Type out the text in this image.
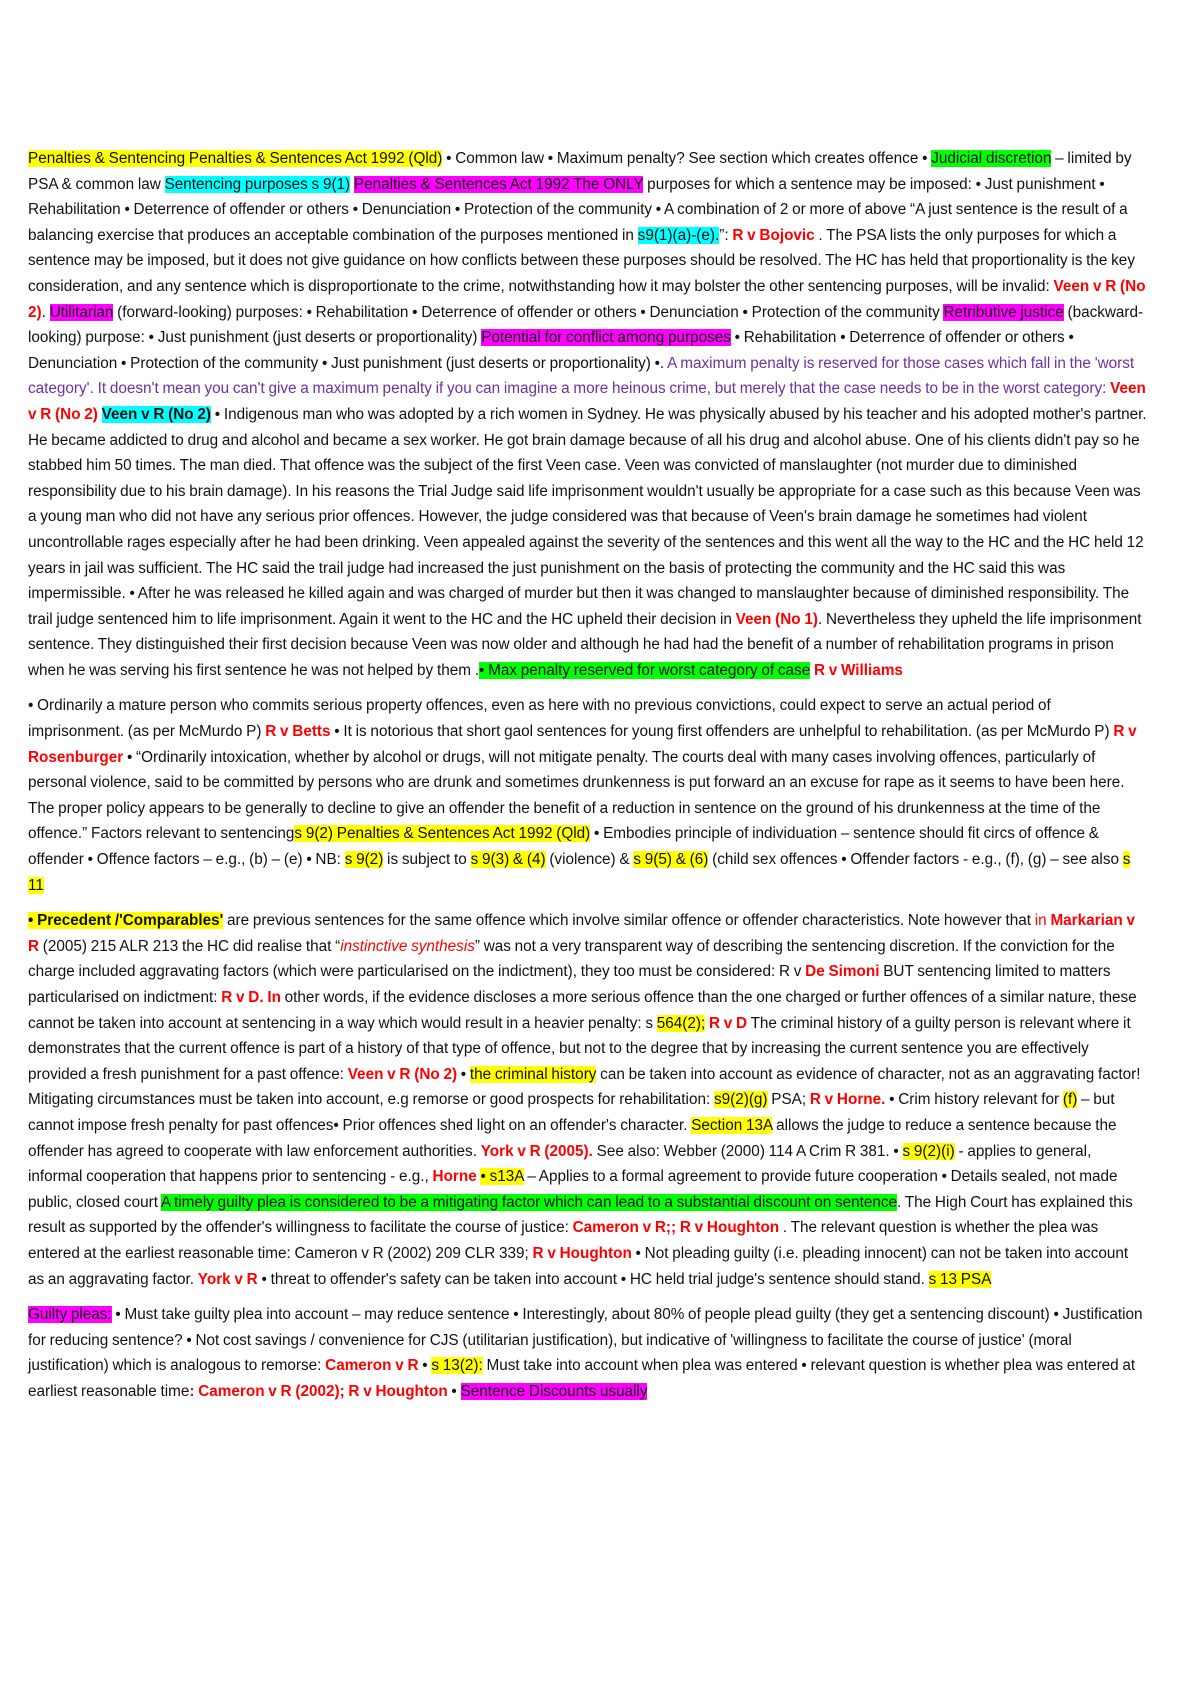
Penalties & Sentencing Penalties & Sentences Act 1992 (Qld) • Common law • Maximum penalty? See section which creates offence • Judicial discretion – limited by PSA & common law Sentencing purposes s 9(1) Penalties & Sentences Act 1992 The ONLY purposes for which a sentence may be imposed: • Just punishment • Rehabilitation • Deterrence of offender or others • Denunciation • Protection of the community • A combination of 2 or more of above “A just sentence is the result of a balancing exercise that produces an acceptable combination of the purposes mentioned in s9(1)(a)-(e).”: R v Bojovic . The PSA lists the only purposes for which a sentence may be imposed, but it does not give guidance on how conflicts between these purposes should be resolved. The HC has held that proportionality is the key consideration, and any sentence which is disproportionate to the crime, notwithstanding how it may bolster the other sentencing purposes, will be invalid: Veen v R (No 2). Utilitarian (forward-looking) purposes: • Rehabilitation • Deterrence of offender or others • Denunciation • Protection of the community Retributive justice (backward-looking) purpose: • Just punishment (just deserts or proportionality) Potential for conflict among purposes • Rehabilitation • Deterrence of offender or others • Denunciation • Protection of the community • Just punishment (just deserts or proportionality) •. A maximum penalty is reserved for those cases which fall in the 'worst category'. It doesn't mean you can't give a maximum penalty if you can imagine a more heinous crime, but merely that the case needs to be in the worst category: Veen v R (No 2) Veen v R (No 2) • Indigenous man who was adopted by a rich women in Sydney. He was physically abused by his teacher and his adopted mother's partner. He became addicted to drug and alcohol and became a sex worker. He got brain damage because of all his drug and alcohol abuse. One of his clients didn't pay so he stabbed him 50 times. The man died. That offence was the subject of the first Veen case. Veen was convicted of manslaughter (not murder due to diminished responsibility due to his brain damage). In his reasons the Trial Judge said life imprisonment wouldn't usually be appropriate for a case such as this because Veen was a young man who did not have any serious prior offences. However, the judge considered was that because of Veen's brain damage he sometimes had violent uncontrollable rages especially after he had been drinking. Veen appealed against the severity of the sentences and this went all the way to the HC and the HC held 12 years in jail was sufficient. The HC said the trail judge had increased the just punishment on the basis of protecting the community and the HC said this was impermissible. • After he was released he killed again and was charged of murder but then it was changed to manslaughter because of diminished responsibility. The trail judge sentenced him to life imprisonment. Again it went to the HC and the HC upheld their decision in Veen (No 1). Nevertheless they upheld the life imprisonment sentence. They distinguished their first decision because Veen was now older and although he had had the benefit of a number of rehabilitation programs in prison when he was serving his first sentence he was not helped by them .• Max penalty reserved for worst category of case R v Williams

• Ordinarily a mature person who commits serious property offences, even as here with no previous convictions, could expect to serve an actual period of imprisonment. (as per McMurdo P) R v Betts • It is notorious that short gaol sentences for young first offenders are unhelpful to rehabilitation. (as per McMurdo P) R v Rosenburger • “Ordinarily intoxication, whether by alcohol or drugs, will not mitigate penalty. The courts deal with many cases involving offences, particularly of personal violence, said to be committed by persons who are drunk and sometimes drunkenness is put forward an an excuse for rape as it seems to have been here. The proper policy appears to be generally to decline to give an offender the benefit of a reduction in sentence on the ground of his drunkenness at the time of the offence.” Factors relevant to sentencings 9(2) Penalties & Sentences Act 1992 (Qld) • Embodies principle of individuation – sentence should fit circs of offence & offender • Offence factors – e.g., (b) – (e) • NB: s 9(2) is subject to s 9(3) & (4) (violence) & s 9(5) & (6) (child sex offences • Offender factors - e.g., (f), (g) – see also s 11

• Precedent /'Comparables' are previous sentences for the same offence which involve similar offence or offender characteristics. Note however that in Markarian v R (2005) 215 ALR 213 the HC did realise that “instinctive synthesis” was not a very transparent way of describing the sentencing discretion. If the conviction for the charge included aggravating factors (which were particularised on the indictment), they too must be considered: R v De Simoni BUT sentencing limited to matters particularised on indictment: R v D. In other words, if the evidence discloses a more serious offence than the one charged or further offences of a similar nature, these cannot be taken into account at sentencing in a way which would result in a heavier penalty: s 564(2); R v D The criminal history of a guilty person is relevant where it demonstrates that the current offence is part of a history of that type of offence, but not to the degree that by increasing the current sentence you are effectively provided a fresh punishment for a past offence: Veen v R (No 2) • the criminal history can be taken into account as evidence of character, not as an aggravating factor! Mitigating circumstances must be taken into account, e.g remorse or good prospects for rehabilitation: s9(2)(g) PSA; R v Horne. • Crim history relevant for (f) – but cannot impose fresh penalty for past offences• Prior offences shed light on an offender's character. Section 13A allows the judge to reduce a sentence because the offender has agreed to cooperate with law enforcement authorities. York v R (2005). See also: Webber (2000) 114 A Crim R 381. • s 9(2)(i) - applies to general, informal cooperation that happens prior to sentencing - e.g., Horne • s13A – Applies to a formal agreement to provide future cooperation • Details sealed, not made public, closed court A timely guilty plea is considered to be a mitigating factor which can lead to a substantial discount on sentence. The High Court has explained this result as supported by the offender's willingness to facilitate the course of justice: Cameron v R;; R v Houghton . The relevant question is whether the plea was entered at the earliest reasonable time: Cameron v R (2002) 209 CLR 339; R v Houghton • Not pleading guilty (i.e. pleading innocent) can not be taken into account as an aggravating factor. York v R • threat to offender's safety can be taken into account • HC held trial judge's sentence should stand. s 13 PSA

Guilty pleas: • Must take guilty plea into account – may reduce sentence • Interestingly, about 80% of people plead guilty (they get a sentencing discount) • Justification for reducing sentence? • Not cost savings / convenience for CJS (utilitarian justification), but indicative of 'willingness to facilitate the course of justice' (moral justification) which is analogous to remorse: Cameron v R • s 13(2): Must take into account when plea was entered • relevant question is whether plea was entered at earliest reasonable time: Cameron v R (2002); R v Houghton • Sentence Discounts usually
